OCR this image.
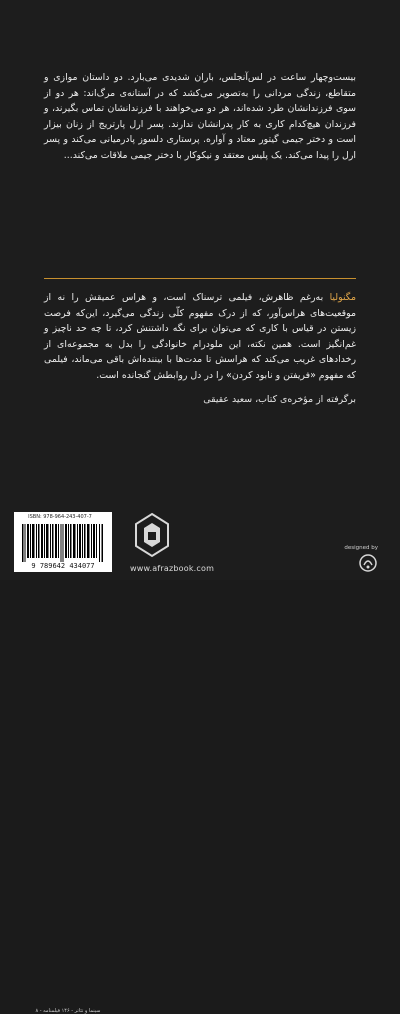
بیست‌وچهار ساعت در لس‌آنجلس، باران شدیدی می‌بارد. دو داستان موازی و متقاطع، زندگی مردانی را به‌تصویر می‌کشد که در آستانه‌ی مرگ‌اند: هر دو از سوی فرزندانشان طرد شده‌اند، هر دو می‌خواهند با فرزندانشان تماس بگیرند، و فرزندان هیچ‌کدام کاری به کار پدرانشان ندارند. پسر ارل پارتریج از زنان بیزار است و دختر جیمی گیتور معتاد و آواره. پرستاری دلسوز پادرمیانی می‌کند و پسر ارل را پیدا می‌کند. یک پلیس معتقد و نیکوکار با دختر جیمی ملاقات می‌کند...
مگنولیا به‌رغم ظاهرش، فیلمی ترسناک است، و هراس عمیقش را نه از موقعیت‌های هراس‌آور، که از درک مفهوم کلّی زندگی می‌گیرد، این‌که فرصت زیستن در قیاس با کاری که می‌توان برای نگه داشتنش کرد، تا چه حد ناچیز و غم‌انگیز است. همین نکته، این ملودرام خانوادگی را بدل به مجموعه‌ای از رخدادهای غریب می‌کند که هراسش تا مدت‌ها با بیننده‌اش باقی می‌ماند، فیلمی که مفهوم «فریفتن و نابود کردن» را در دل روابطش گنجانده است.
برگرفته از مؤخره‌ی کتاب، سعید عقیقی
سینما و تئاتر - ۱۴۶ فیلمنامه - ۸
ISBN: 978-964-243-407-7
9 789642 434077	www.afrazbook.com
designed by
